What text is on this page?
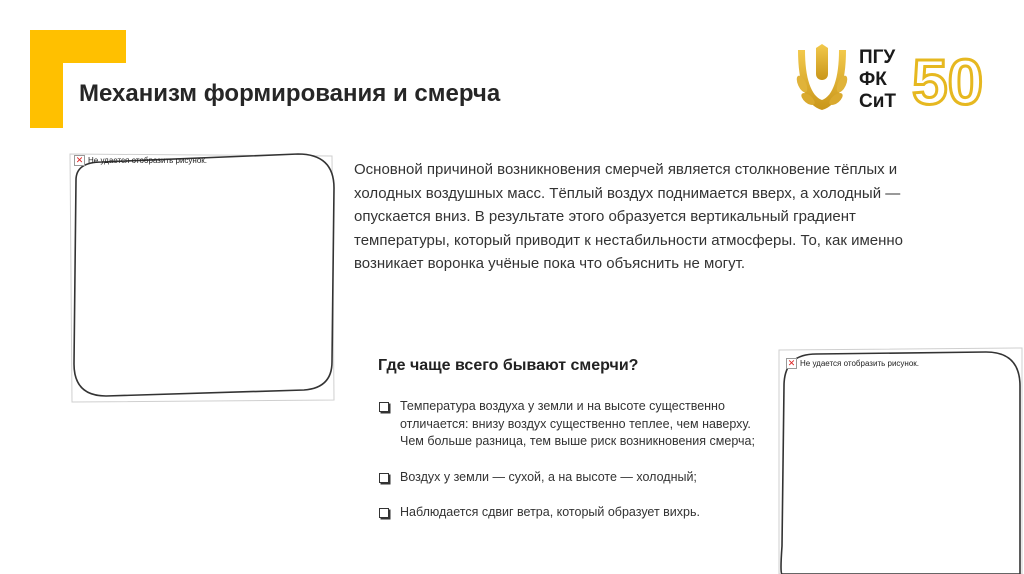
Механизм формирования и смерча	50

ПГУ
ФК
СиТ

✕ Не удается отобразить рисунок.

Основной причиной возникновения смерчей является столкновение тёплых и холодных воздушных масс. Тёплый воздух поднимается вверх, а холодный — опускается вниз. В результате этого образуется вертикальный градиент температуры, который приводит к нестабильности атмосферы. То, как именно возникает воронка учёные пока что объяснить не могут.

Где чаще всего бывают смерчи?

Температура воздуха у земли и на высоте существенно отличается: внизу воздух существенно теплее, чем наверху. Чем больше разница, тем выше риск возникновения смерча;
Воздух у земли — сухой, а на высоте — холодный;
Наблюдается сдвиг ветра, который образует вихрь.
✕ Не удается отобразить рисунок.
